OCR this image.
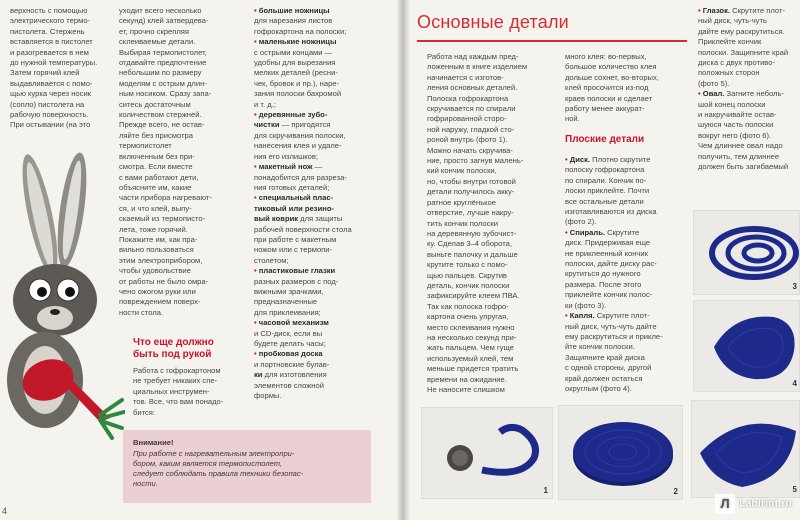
верхность с помощью
электрического термо-
пистолета. Стержень
вставляется в пистолет
и разогревается в нем
до нужной температуры.
Затем горячий клей
выдавливается с помо-
щью курка через носик
(сопло) пистолета на
рабочую поверхность.
При остывании (на это
уходит всего несколько
секунд) клей затвердева-
ет, прочно скрепляя
склеиваемые детали.
Выбирая термопистолет,
отдавайте предпочтение
небольшим по размеру
моделям с острым длин-
ным носиком. Сразу запа-
ситесь достаточным
количеством стержней.
Прежде всего, не остав-
ляйте без присмотра
термопистолет
включенным без при-
смотра. Если вместе
с вами работают дети,
объясните им, какие
части прибора нагревают-
ся, и что клей, выпу-
скаемый из термописто-
лета, тоже горячий.
Покажите им, как пра-
вильно пользоваться
этим электроприбором,
чтобы удовольствие
от работы не было омра-
чено ожогом руки или
повреждением поверх-
ности стола.
Что еще должно
быть под рукой
Работа с гофрокартоном
не требует никаких спе-
циальных инструмен-
тов. Все, что вам понадо-
бится:
• большие ножницы
для нарезания листов
гофрокартона на полоски;
• маленькие ножницы
с острыми концами —
удобны для вырезания
мелких деталей (ресни-
чек, бровок и пр.), наре-
зания полоски бахромой
и т. д.;
• деревянные зубо-
чистки — пригодятся
для скручивания полоски,
нанесения клея и удале-
ния его излишков;
• макетный нож —
понадобится для разреза-
ния готовых деталей;
• специальный плас-
тиковый или резино-
вый коврик для защиты
рабочей поверхности стола
при работе с макетным
ножом или с термопи-
столетом;
• пластиковые глазки
разных размеров с под-
вижными зрачками,
предназначенные
для приклеивания;
• часовой механизм
и CD-диск, если вы
будете делать часы;
• пробковая доска
и портновские булав-
ки для изготовления
элементов сложной
формы.
Внимание!
При работе с нагревательным электропри-
бором, каким является термопистолет,
следует соблюдать правила техники безопас-
ности.
4
Основные детали
Работа над каждым пред-
ложенным в книге изделием
начинается с изготов-
ления основных деталей.
Полоска гофрокартона
скручивается по спирали
гофрированной сторо-
ной наружу, гладкой сто-
роной внутрь (фото 1).
Можно начать скручива-
ние, просто загнув малень-
кий кончик полоски,
но, чтобы внутри готовой
детали получилось акку-
ратное круглёнькое
отверстие, лучше накру-
тить кончик полоски
на деревянную зубочист-
ку. Сделав 3–4 оборота,
выньте палочку и дальше
крутите только с помо-
щью пальцев. Скрутив
деталь, кончик полоски
зафиксируйте клеем ПВА.
Так как полоска гофро-
картона очень упругая,
место склеивания нужно
на несколько секунд при-
жать пальцем. Чем гуще
используемый клей, тем
меньше придется тратить
времени на ожидание.
Не наносите слишком
много клея: во-первых,
большое количество клея
дольше сохнет, во-вторых,
клей просочится из-под
краев полоски и сделает
работу менее аккурат-
ной.
Плоские детали
• Диск. Плотно скрутите
полоску гофрокартона
по спирали. Кончик по-
лоски приклейте. Почти
все остальные детали
изготавливаются из диска
(фото 2).
• Спираль. Скрутите
диск. Придерживая еще
не приклеенный кончик
полоски, дайте диску рас-
крутиться до нужного
размера. После этого
приклейте кончик полос-
ки (фото 3).
• Капля. Скрутите плот-
ный диск, чуть-чуть дайте
ему раскрутиться и прикле-
йте кончик полоски.
Защипните край диска
с одной стороны, другой
край должен остаться
округлым (фото 4).
• Глазок. Скрутите плот-
ный диск, чуть-чуть
дайте ему раскрутиться.
Приклейте кончик
полоски. Защипните край
диска с двух противо-
положных сторон
(фото 5).
• Овал. Загните неболь-
шой конец полоски
и накручивайте остав-
шуюся часть полоски
вокруг него (фото 6).
Чем длиннее овал надо
получить, тем длиннее
должен быть загибаемый
1	2
3
4
5
Л Labirint.ru
